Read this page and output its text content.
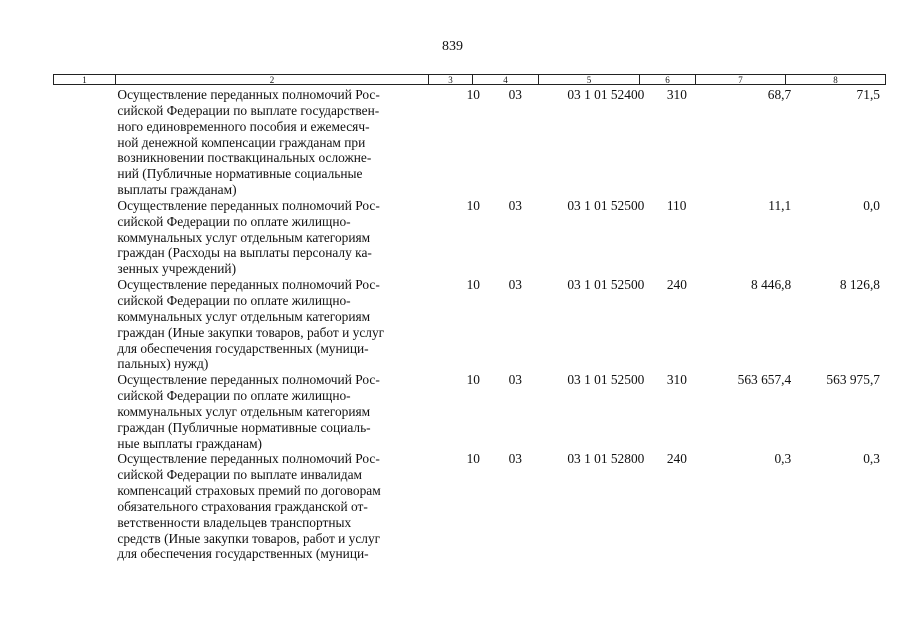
839
1	2	3	4	5	6	7	8
Осуществление переданных полномочий Рос-
сийской Федерации по выплате государствен-
ного единовременного пособия и ежемесяч-
ной денежной компенсации гражданам при
возникновении поствакцинальных осложне-
ний (Публичные нормативные социальные
выплаты гражданам)
10	03	03 1 01 52400	310	68,7	71,5
Осуществление переданных полномочий Рос-
сийской Федерации по оплате жилищно-
коммунальных услуг отдельным категориям
граждан (Расходы на выплаты персоналу ка-
зенных учреждений)
10	03	03 1 01 52500	110	11,1	0,0
Осуществление переданных полномочий Рос-
сийской Федерации по оплате жилищно-
коммунальных услуг отдельным категориям
граждан (Иные закупки товаров, работ и услуг
для обеспечения государственных (муници-
пальных) нужд)
10	03	03 1 01 52500	240	8 446,8	8 126,8
Осуществление переданных полномочий Рос-
сийской Федерации по оплате жилищно-
коммунальных услуг отдельным категориям
граждан (Публичные нормативные социаль-
ные выплаты гражданам)
10	03	03 1 01 52500	310	563 657,4	563 975,7
Осуществление переданных полномочий Рос-
сийской Федерации по выплате инвалидам
компенсаций страховых премий по договорам
обязательного страхования гражданской от-
ветственности владельцев транспортных
средств (Иные закупки товаров, работ и услуг
для обеспечения государственных (муници-
10	03	03 1 01 52800	240	0,3	0,3
